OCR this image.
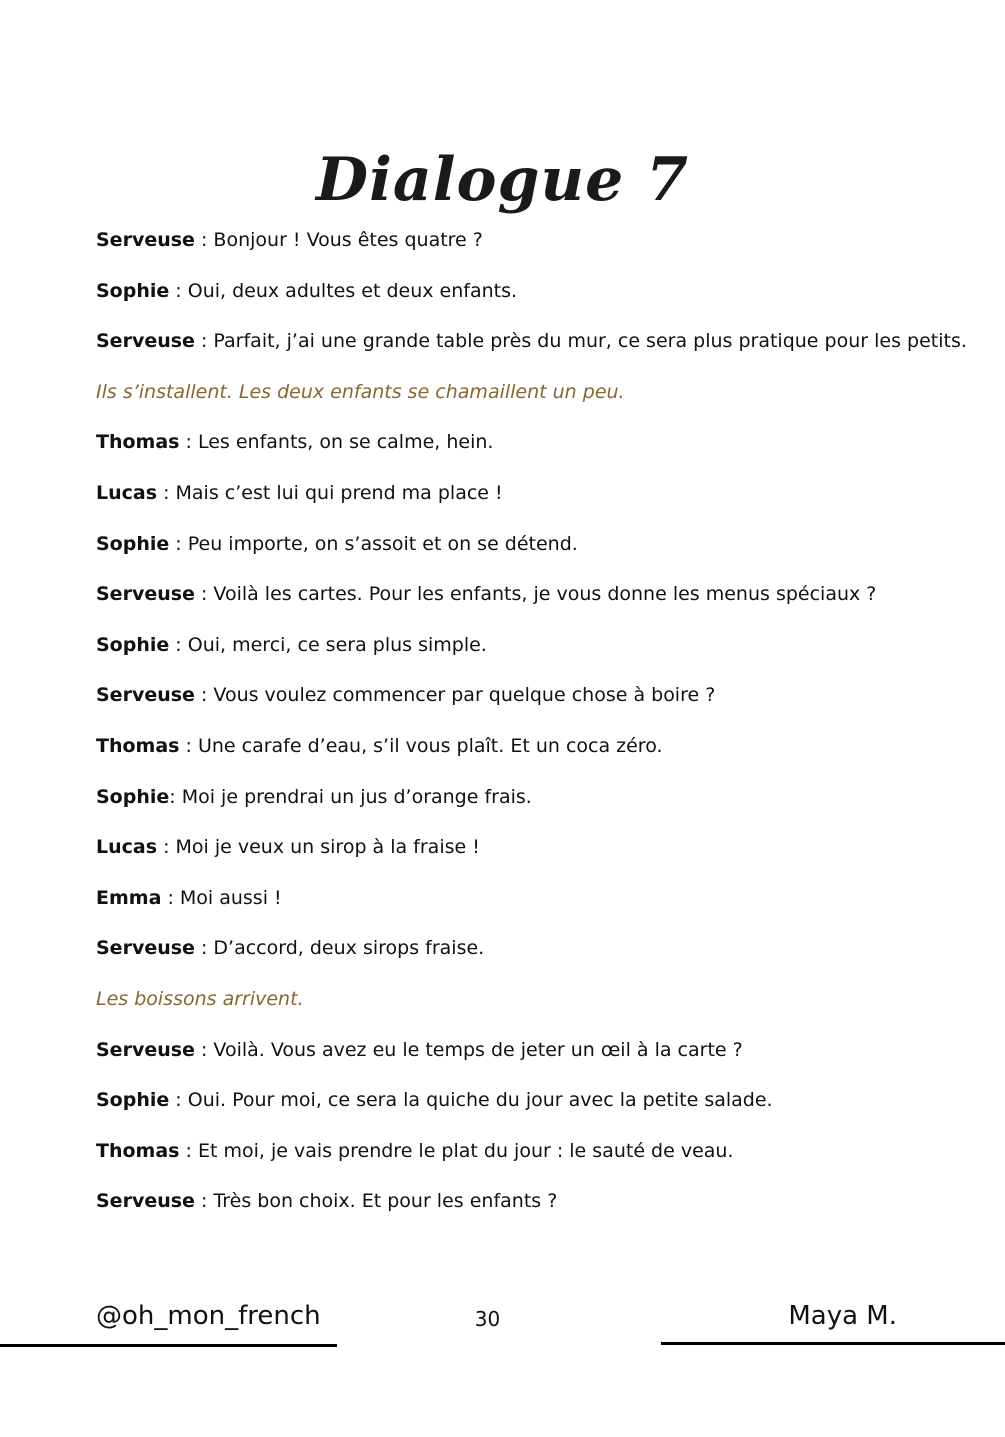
Dialogue 7
Serveuse : Bonjour ! Vous êtes quatre ?
Sophie : Oui, deux adultes et deux enfants.
Serveuse : Parfait, j’ai une grande table près du mur, ce sera plus pratique pour les petits.
Ils s’installent. Les deux enfants se chamaillent un peu.
Thomas : Les enfants, on se calme, hein.
Lucas : Mais c’est lui qui prend ma place !
Sophie : Peu importe, on s’assoit et on se détend.
Serveuse : Voilà les cartes. Pour les enfants, je vous donne les menus spéciaux ?
Sophie : Oui, merci, ce sera plus simple.
Serveuse : Vous voulez commencer par quelque chose à boire ?
Thomas : Une carafe d’eau, s’il vous plaît. Et un coca zéro.
Sophie: Moi je prendrai un jus d’orange frais.
Lucas : Moi je veux un sirop à la fraise !
Emma : Moi aussi !
Serveuse : D’accord, deux sirops fraise.
Les boissons arrivent.
Serveuse : Voilà. Vous avez eu le temps de jeter un œil à la carte ?
Sophie : Oui. Pour moi, ce sera la quiche du jour avec la petite salade.
Thomas : Et moi, je vais prendre le plat du jour : le sauté de veau.
Serveuse : Très bon choix. Et pour les enfants ?
@oh_mon_french	30	Maya M.
